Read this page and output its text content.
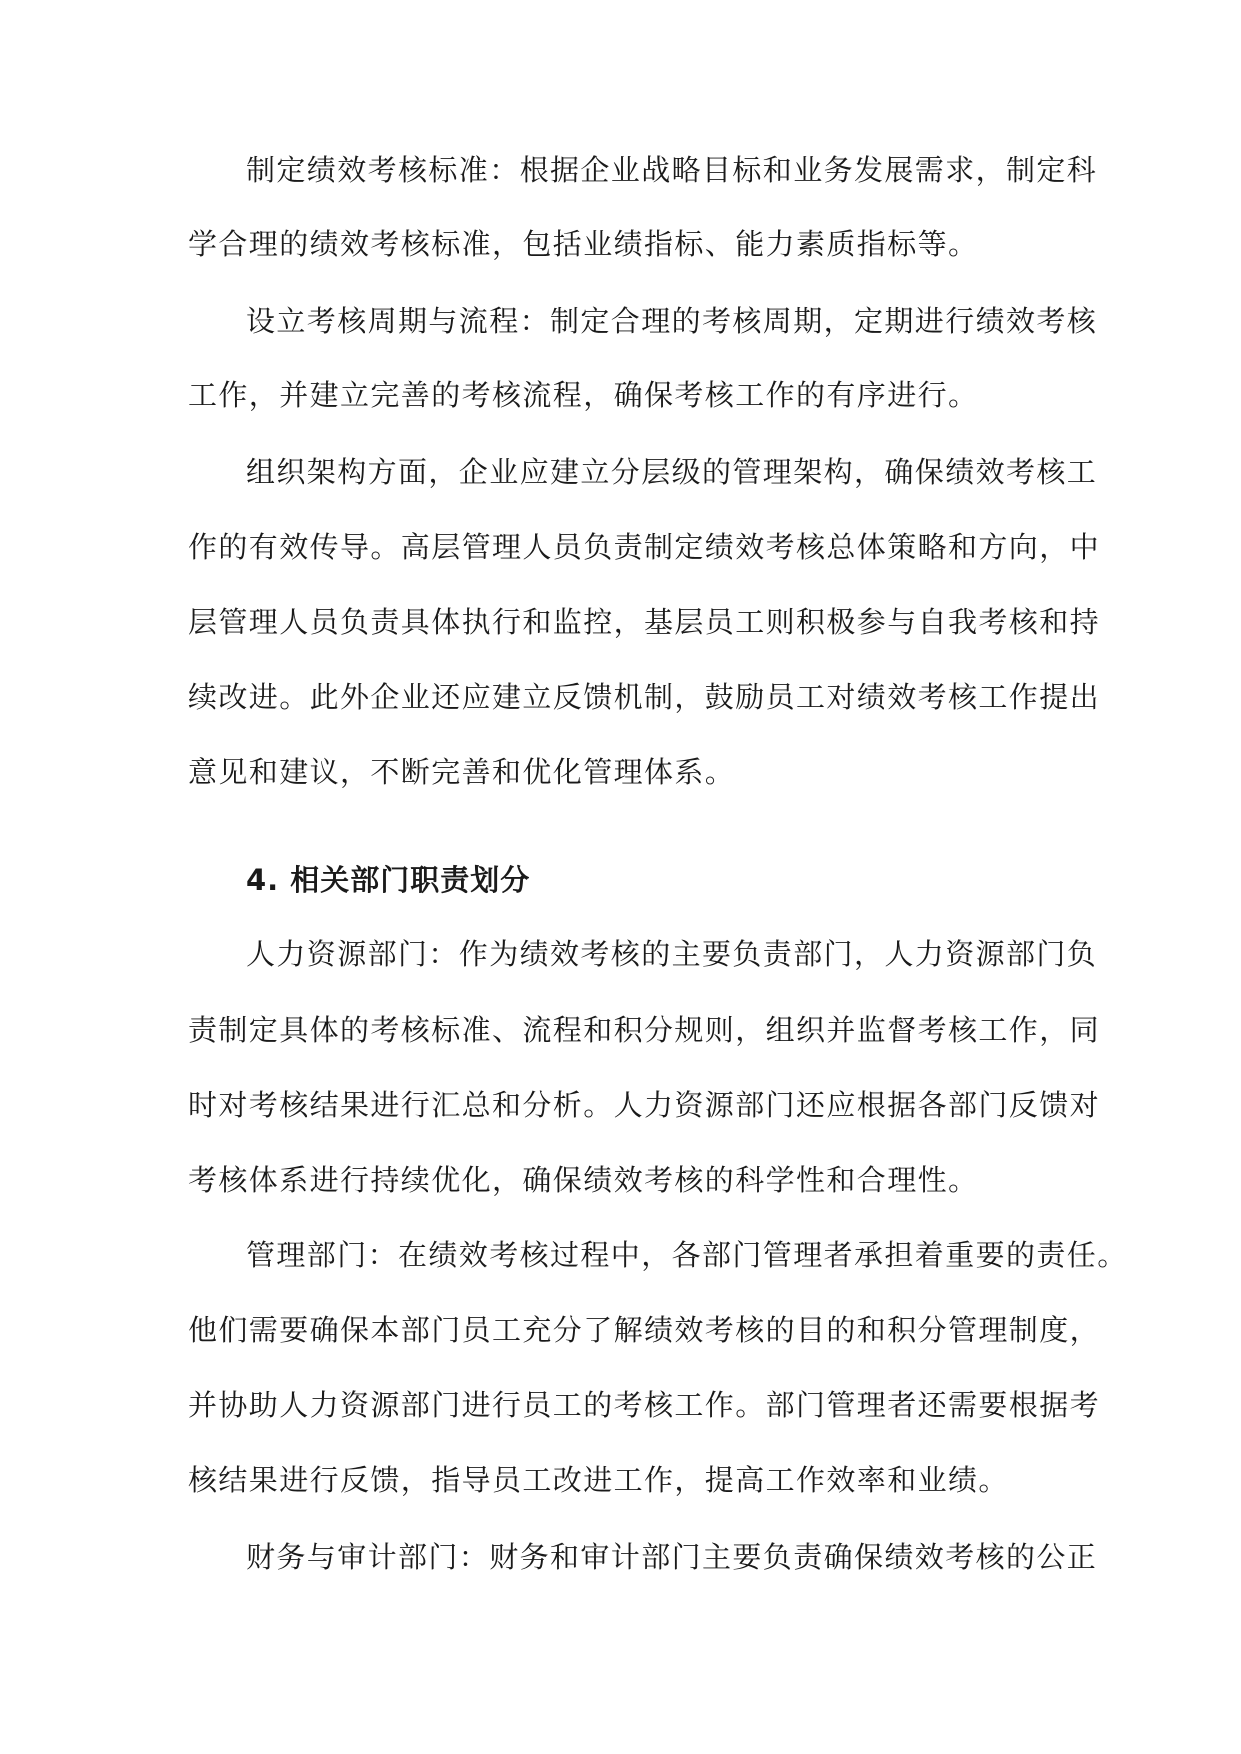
制定绩效考核标准：根据企业战略目标和业务发展需求，制定科
学合理的绩效考核标准，包括业绩指标、能力素质指标等。
设立考核周期与流程：制定合理的考核周期，定期进行绩效考核
工作，并建立完善的考核流程，确保考核工作的有序进行。
组织架构方面，企业应建立分层级的管理架构，确保绩效考核工
作的有效传导。高层管理人员负责制定绩效考核总体策略和方向，中
层管理人员负责具体执行和监控，基层员工则积极参与自我考核和持
续改进。此外企业还应建立反馈机制，鼓励员工对绩效考核工作提出
意见和建议，不断完善和优化管理体系。
4. 相关部门职责划分
人力资源部门：作为绩效考核的主要负责部门，人力资源部门负
责制定具体的考核标准、流程和积分规则，组织并监督考核工作，同
时对考核结果进行汇总和分析。人力资源部门还应根据各部门反馈对
考核体系进行持续优化，确保绩效考核的科学性和合理性。
管理部门：在绩效考核过程中，各部门管理者承担着重要的责任。
他们需要确保本部门员工充分了解绩效考核的目的和积分管理制度，
并协助人力资源部门进行员工的考核工作。部门管理者还需要根据考
核结果进行反馈，指导员工改进工作，提高工作效率和业绩。
财务与审计部门：财务和审计部门主要负责确保绩效考核的公正
